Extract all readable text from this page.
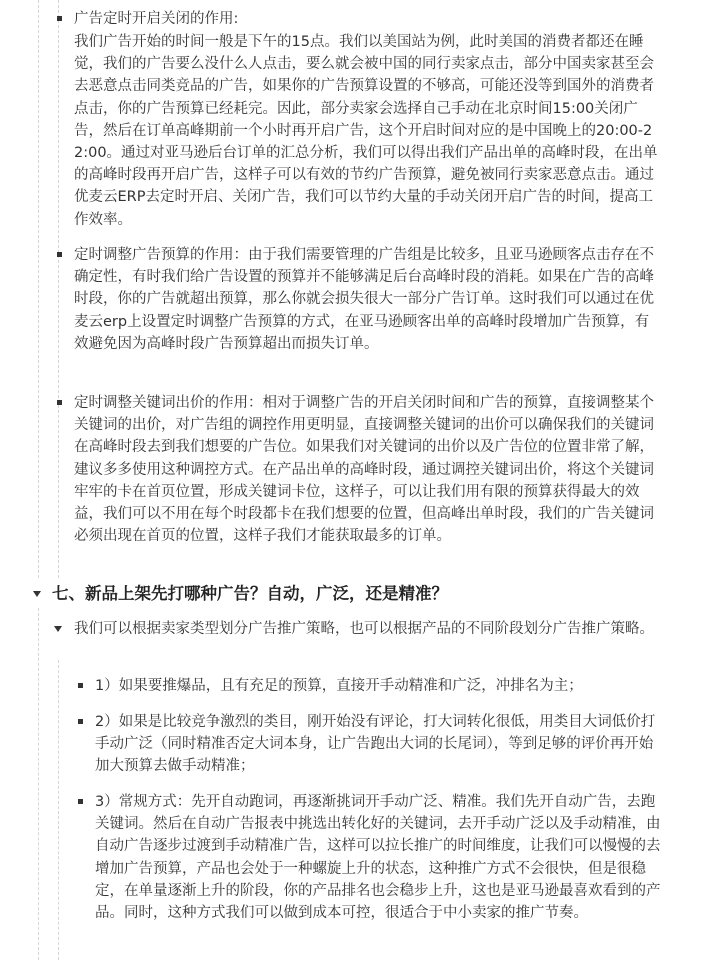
广告定时开启关闭的作用:

我们广告开始的时间一般是下午的15点。我们以美国站为例，此时美国的消费者都还在睡觉，我们的广告要么没什么人点击，要么就会被中国的同行卖家点击，部分中国卖家甚至会去恶意点击同类竞品的广告，如果你的广告预算设置的不够高，可能还没等到国外的消费者点击，你的广告预算已经耗完。因此，部分卖家会选择自己手动在北京时间15:00关闭广告，然后在订单高峰期前一个小时再开启广告，这个开启时间对应的是中国晚上的20:00-22:00。通过对亚马逊后台订单的汇总分析，我们可以得出我们产品出单的高峰时段，在出单的高峰时段再开启广告，这样子可以有效的节约广告预算，避免被同行卖家恶意点击。通过优麦云ERP去定时开启、关闭广告，我们可以节约大量的手动关闭开启广告的时间，提高工作效率。

定时调整广告预算的作用：由于我们需要管理的广告组是比较多，且亚马逊顾客点击存在不确定性，有时我们给广告设置的预算并不能够满足后台高峰时段的消耗。如果在广告的高峰时段，你的广告就超出预算，那么你就会损失很大一部分广告订单。这时我们可以通过在优麦云erp上设置定时调整广告预算的方式，在亚马逊顾客出单的高峰时段增加广告预算，有效避免因为高峰时段广告预算超出而损失订单。

定时调整关键词出价的作用：相对于调整广告的开启关闭时间和广告的预算，直接调整某个关键词的出价，对广告组的调控作用更明显，直接调整关键词的出价可以确保我们的关键词在高峰时段去到我们想要的广告位。如果我们对关键词的出价以及广告位的位置非常了解，建议多多使用这种调控方式。在产品出单的高峰时段，通过调控关键词出价，将这个关键词牢牢的卡在首页位置，形成关键词卡位，这样子，可以让我们用有限的预算获得最大的效益，我们可以不用在每个时段都卡在我们想要的位置，但高峰出单时段，我们的广告关键词必须出现在首页的位置，这样子我们才能获取最多的订单。

七、新品上架先打哪种广告？自动，广泛，还是精准？

我们可以根据卖家类型划分广告推广策略，也可以根据产品的不同阶段划分广告推广策略。

1）如果要推爆品，且有充足的预算，直接开手动精准和广泛，冲排名为主；

2）如果是比较竞争激烈的类目，刚开始没有评论，打大词转化很低，用类目大词低价打手动广泛（同时精准否定大词本身，让广告跑出大词的长尾词），等到足够的评价再开始加大预算去做手动精准；

3）常规方式：先开自动跑词，再逐渐挑词开手动广泛、精准。我们先开自动广告，去跑关键词。然后在自动广告报表中挑选出转化好的关键词，去开手动广泛以及手动精准，由自动广告逐步过渡到手动精准广告，这样可以拉长推广的时间维度，让我们可以慢慢的去增加广告预算，产品也会处于一种螺旋上升的状态，这种推广方式不会很快，但是很稳定，在单量逐渐上升的阶段，你的产品排名也会稳步上升，这也是亚马逊最喜欢看到的产品。同时，这种方式我们可以做到成本可控，很适合于中小卖家的推广节奏。
